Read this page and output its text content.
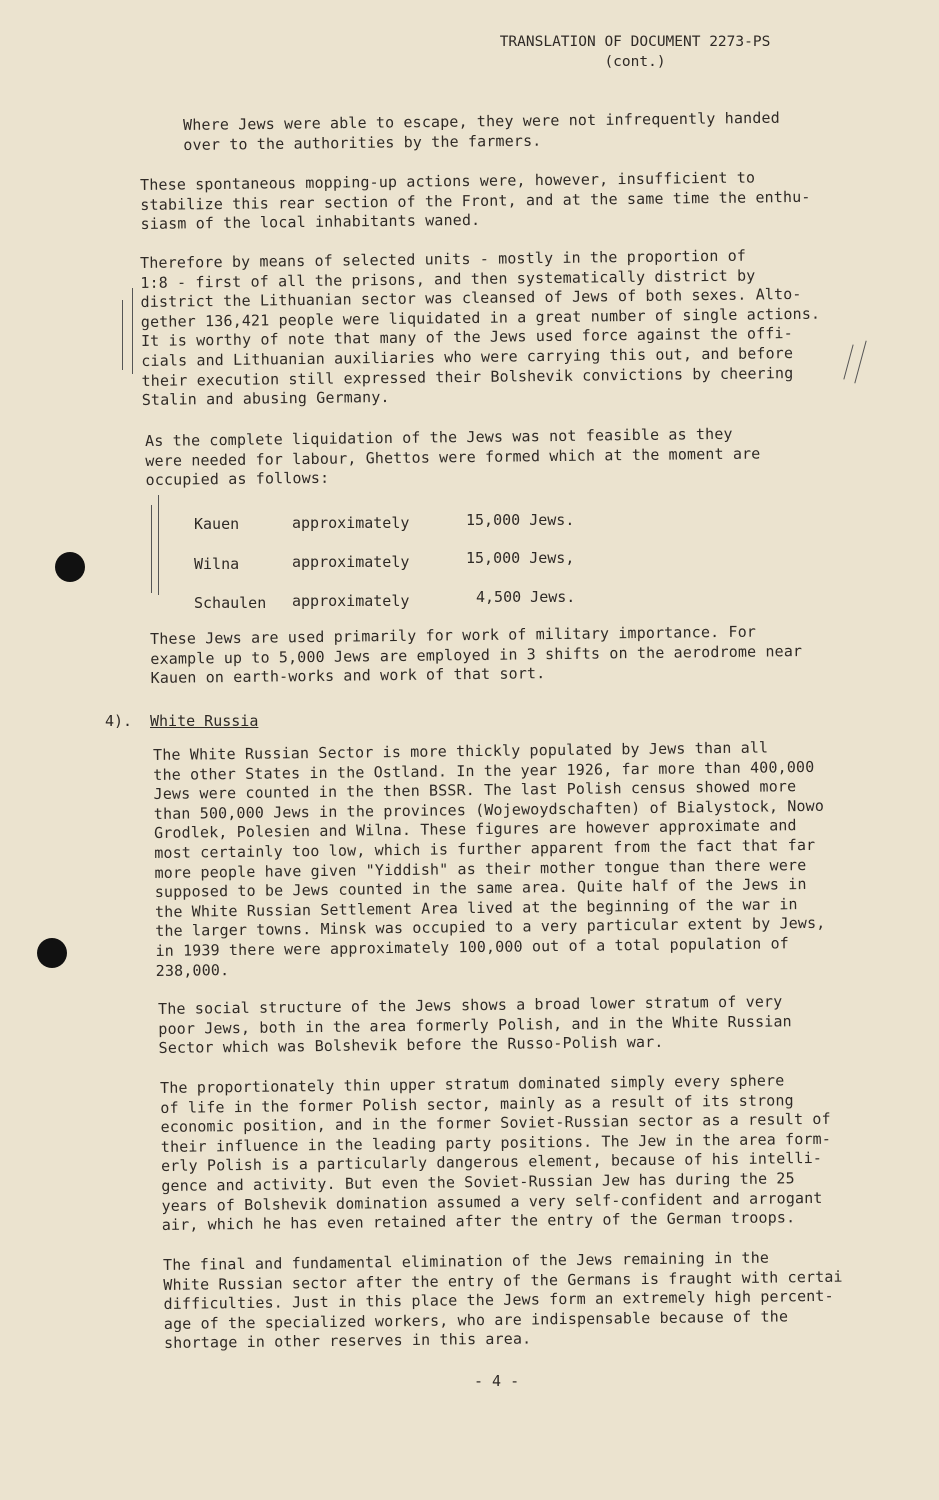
TRANSLATION OF DOCUMENT 2273-PS
(cont.)
Where Jews were able to escape, they were not infrequently handed
over to the authorities by the farmers.
These spontaneous mopping-up actions were, however, insufficient to
stabilize this rear section of the Front, and at the same time the enthu-
siasm of the local inhabitants waned.
Therefore by means of selected units - mostly in the proportion of
1:8 - first of all the prisons, and then systematically district by
district the Lithuanian sector was cleansed of Jews of both sexes. Alto-
gether 136,421 people were liquidated in a great number of single actions.
It is worthy of note that many of the Jews used force against the offi-
cials and Lithuanian auxiliaries who were carrying this out, and before
their execution still expressed their Bolshevik convictions by cheering
Stalin and abusing Germany.
As the complete liquidation of the Jews was not feasible as they
were needed for labour, Ghettos were formed which at the moment are
occupied as follows:
Kauen	approximately	15,000 Jews.
Wilna	approximately	15,000 Jews,
Schaulen approximately	4,500 Jews.
These Jews are used primarily for work of military importance. For
example up to 5,000 Jews are employed in 3 shifts on the aerodrome near
Kauen on earth-works and work of that sort.
4). White Russia
The White Russian Sector is more thickly populated by Jews than all
the other States in the Ostland. In the year 1926, far more than 400,000
Jews were counted in the then BSSR. The last Polish census showed more
than 500,000 Jews in the provinces (Wojewoydschaften) of Bialystock, Nowo
Grodlek, Polesien and Wilna. These figures are however approximate and
most certainly too low, which is further apparent from the fact that far
more people have given "Yiddish" as their mother tongue than there were
supposed to be Jews counted in the same area. Quite half of the Jews in
the White Russian Settlement Area lived at the beginning of the war in
the larger towns. Minsk was occupied to a very particular extent by Jews,
in 1939 there were approximately 100,000 out of a total population of
238,000.
The social structure of the Jews shows a broad lower stratum of very
poor Jews, both in the area formerly Polish, and in the White Russian
Sector which was Bolshevik before the Russo-Polish war.
The proportionately thin upper stratum dominated simply every sphere
of life in the former Polish sector, mainly as a result of its strong
economic position, and in the former Soviet-Russian sector as a result of
their influence in the leading party positions. The Jew in the area form-
erly Polish is a particularly dangerous element, because of his intelli-
gence and activity. But even the Soviet-Russian Jew has during the 25
years of Bolshevik domination assumed a very self-confident and arrogant
air, which he has even retained after the entry of the German troops.
The final and fundamental elimination of the Jews remaining in the
White Russian sector after the entry of the Germans is fraught with certai
difficulties. Just in this place the Jews form an extremely high percent-
age of the specialized workers, who are indispensable because of the
shortage in other reserves in this area.
- 4 -
